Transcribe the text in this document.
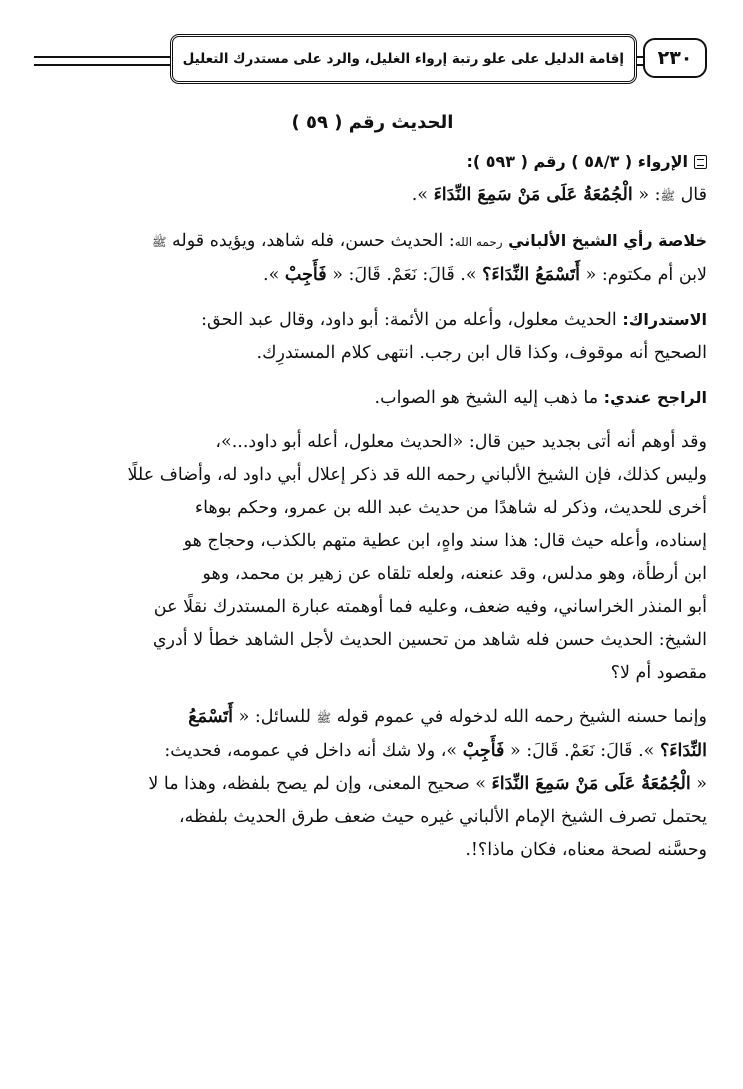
إقامة الدليل على علو رتبة إرواء الغليل، والرد على مستدرك التعليل	٢٣٠

الحديث رقم ( ٥٩ )

الإرواء ( ٥٨/٣ ) رقم ( ٥٩٣ ):

قال ﷺ: « الْجُمُعَةُ عَلَى مَنْ سَمِعَ النِّدَاءَ ».

خلاصة رأي الشيخ الألباني رحمه الله: الحديث حسن، فله شاهد، ويؤيده قوله ﷺ

لابن أم مكتوم: « أَتَسْمَعُ النِّدَاءَ؟ ». قَالَ: نَعَمْ. قَالَ: « فَأَجِبْ ».

الاستدراك: الحديث معلول، وأعله من الأئمة: أبو داود، وقال عبد الحق:

الصحيح أنه موقوف، وكذا قال ابن رجب. انتهى كلام المستدرِك.

الراجح عندي: ما ذهب إليه الشيخ هو الصواب.

وقد أوهم أنه أتى بجديد حين قال: «الحديث معلول، أعله أبو داود...»،

وليس كذلك، فإن الشيخ الألباني رحمه الله قد ذكر إعلال أبي داود له، وأضاف عللًا

أخرى للحديث، وذكر له شاهدًا من حديث عبد الله بن عمرو، وحكم بوهاء

إسناده، وأعله حيث قال: هذا سند واهٍ، ابن عطية متهم بالكذب، وحجاج هو

ابن أرطأة، وهو مدلس، وقد عنعنه، ولعله تلقاه عن زهير بن محمد، وهو

أبو المنذر الخراساني، وفيه ضعف، وعليه فما أوهمته عبارة المستدرك نقلًا عن

الشيخ: الحديث حسن فله شاهد من تحسين الحديث لأجل الشاهد خطأ لا أدري

مقصود أم لا؟

وإنما حسنه الشيخ رحمه الله لدخوله في عموم قوله ﷺ للسائل: « أَتَسْمَعُ

النِّدَاءَ؟ ». قَالَ: نَعَمْ. قَالَ: « فَأَجِبْ »، ولا شك أنه داخل في عمومه، فحديث:

« الْجُمُعَةُ عَلَى مَنْ سَمِعَ النِّدَاءَ » صحيح المعنى، وإن لم يصح بلفظه، وهذا ما لا

يحتمل تصرف الشيخ الإمام الألباني غيره حيث ضعف طرق الحديث بلفظه،

وحسَّنه لصحة معناه، فكان ماذا؟!.
